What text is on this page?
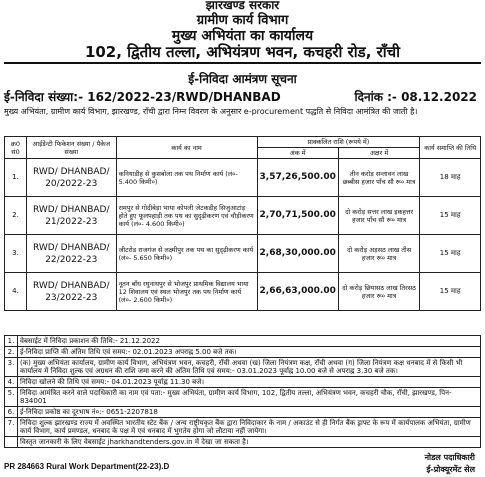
झारखण्ड सरकार
ग्रामीण कार्य विभाग
मुख्य अभियंता का कार्यालय
102, द्वितीय तल्ला, अभियंत्रण भवन, कचहरी रोड, राँची
ई-निविदा आमंत्रण सूचना
ई-निविदा संख्या:- 162/2022-23/RWD/DHANBAD	दिनांक :- 08.12.2022
मुख्य अभियंता, ग्रामीण कार्य विभाग, झारखण्ड, राँची द्वारा निम्न विवरण के अनुसार e-procurement पद्धति से निविदा आमंत्रित की जाती है।
क्र0 सं0	आईडेन्टी फिकेशन संख्या / पैकेज संख्या	कार्य का नाम	प्राक्कलित राशि (रूपये में)		कार्य समाप्ति की तिथि
			अंक में	अक्षर में	
1.	RWD/ DHANBAD/ 20/2022-23	कनियाडीह से कुसबोला तक पथ निर्माण कार्य (लं०- 5.400 किमी०)	3,57,26,500.00	तीन करोड़ सन्तावन लाख छब्बीस हजार पाँच सौ रू० मात्र	18 माह
2.	RWD/ DHANBAD/ 21/2022-23	रामपुर से गोदीबेड़ा भाया कोपली जेटकडीह सिजुआटांड़ होते हुए फूलपहाड़ी तक पथ का सुदृढ़ीकरण एवं चौड़ीकरण कार्य (लं०- 4.600 किमी०)	2,70,71,500.00	दो करोड़ सत्तर लाख इकहत्तर हजार पाँच सौ रू० मात्र	15 माह
3.	RWD/ DHANBAD/ 22/2022-23	जीटरोड राजगंज से लक्ष्मीपुर तक पथ का सुदृढ़ीकरण कार्य (लं०- 5.650 किमी०)	2,68,30,000.00	दो करोड़ अड़सठ लाख तीस हजार रू० मात्र	15 माह
4.	RWD/ DHANBAD/ 23/2022-23	नूतन बाँध रघुनाथपुर से भोजपुर प्राथमिक विद्यालय भाया 12 शिवालय एवं स्थल भोजपुर तक पथ निर्माण कार्य (लं०- 2.600 किमी०)	2,66,63,000.00	दो करोड़ छियासठ लाख तिरसठ हजार रू० मात्र	15 माह
1.	वेबसाईट में निविदा प्रकाशन की तिथि:- 21.12.2022
2.	ई-निविदा प्राप्ति की अंतिम तिथि एवं समय:- 02.01.2023 अपराह्न 5.00 बजे तक।
3.	(क) मुख्य अभियंता कार्यालय, ग्रामीण कार्य विभाग, अभियंत्रण भवन, कचहरी, राँची अथवा (ख) जिला नियंत्रण कक्ष, राँची अथवा (ग) जिला नियंत्रण कक्ष धनबाद में से किसी भी कार्यालय में निविदा शुल्क एवं अग्रधन की राशि जमा करने की अंतिम तिथि एवं समय:- 03.01.2023 पूर्वाह्न 10.00 बजे से अपराह्न 3.30 बजे तक।
4.	निविदा खोलने की तिथि एवं समय:- 04.01.2023 पूर्वाह्न 11.30 बजे।
5.	निविदा आमंत्रित करने वाले पदाधिकारी का नाम एवं पता:- मुख्य अभियंता, ग्रामीण कार्य विभाग, 102, द्वितीय तल्ला, अभियंत्रण भवन, कचहरी चौक, राँची, झारखण्ड, पिन- 834001
6.	ई-निविदा प्रकोष्ठ का दूरभाष नं०:- 0651-2207818
7.	निविदा शुल्क झारखण्ड राज्य में अवस्थित भारतीय स्टेट बैंक / अन्य राष्ट्रीयकृत बैंक द्वारा निविदाकार के नाम / अकाउंट से ही निर्गत बैंक ड्राफ्ट के रूप में कार्यपालक अभियंता, ग्रामीण कार्य विभाग, कार्य प्रमण्डल, धनबाद के पक्ष में एवं धनबाद में भुगतेय होगा जो लौटाया नहीं जायेगा।
	विस्तृत जानकारी के लिए वेबसाईट jharkhandtenders.gov.in में देखा जा सकता है।
PR 284663 Rural Work Department(22-23).D
नोडल पदाधिकारी
ई-प्रोक्यूरमेंट सेल
